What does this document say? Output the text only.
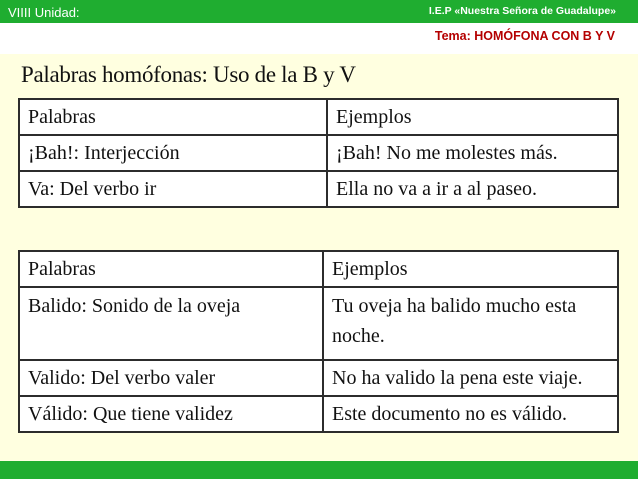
VIIII Unidad:	I.E.P «Nuestra Señora de Guadalupe»
Tema: HOMÓFONA CON B Y V
Palabras homófonas: Uso de la B y V
Palabras	Ejemplos
¡Bah!: Interjección	¡Bah! No me molestes más.
Va: Del verbo ir	Ella no va a ir a al paseo.
Palabras	Ejemplos
Balido: Sonido de la oveja	Tu oveja ha balido mucho esta noche.
Valido: Del verbo valer	No ha valido la pena este viaje.
Válido: Que tiene validez	Este documento no es válido.
